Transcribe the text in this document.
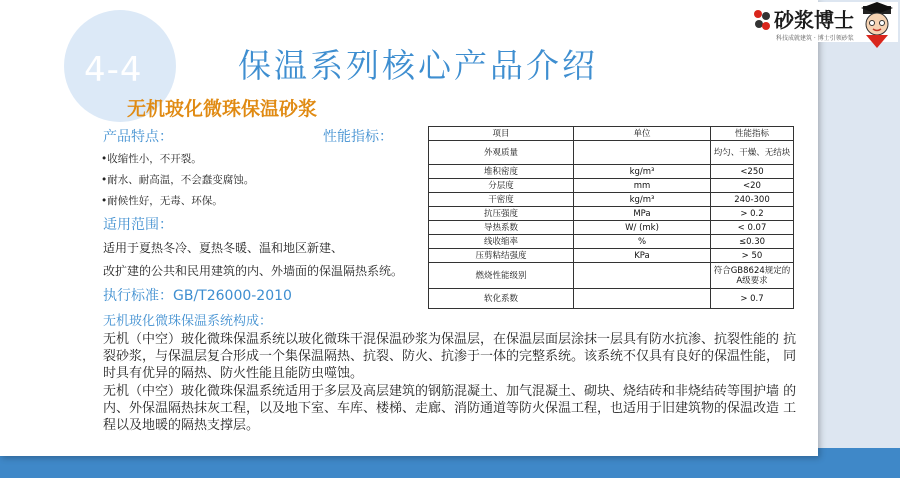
4-4	保温系列核心产品介绍
无机玻化微珠保温砂浆
产品特点：	性能指标：
•收缩性小，不开裂。
•耐水、耐高温，不会蠢变腐蚀。
•耐候性好，无毒、环保。
适用范围：
适用于夏热冬冷、夏热冬暖、温和地区新建、
改扩建的公共和民用建筑的内、外墙面的保温隔热系统。
执行标准：GB/T26000-2010
无机玻化微珠保温系统构成：
无机（中空）玻化微珠保温系统以玻化微珠干混保温砂浆为保温层，在保温层面层涂抹一层具有防水抗渗、抗裂性能的 抗裂砂浆，与保温层复合形成一个集保温隔热、抗裂、防火、抗渗于一体的完整系统。该系统不仅具有良好的保温性能， 同时具有优异的隔热、防火性能且能防虫噬蚀。
无机（中空）玻化微珠保温系统适用于多层及高层建筑的钢筋混凝土、加气混凝土、砌块、烧结砖和非烧结砖等围护墙 的内、外保温隔热抹灰工程，以及地下室、车库、楼梯、走廊、消防通道等防火保温工程，也适用于旧建筑物的保温改造 工程以及地暖的隔热支撑层。
项目	单位	性能指标
外观质量		均匀、干燥、无结块
堆积密度	kg/m³	<250
分层度	mm	<20
干密度	kg/m³	240-300
抗压强度	MPa	> 0.2
导热系数	W/ (mk)	< 0.07
线收缩率	%	≤0.30
压剪粘结强度	KPa	> 50
燃烧性能级别		符合GB8624规定的A级要求
软化系数		> 0.7
砂浆博士
科技成就建筑 · 博士引领砂浆
